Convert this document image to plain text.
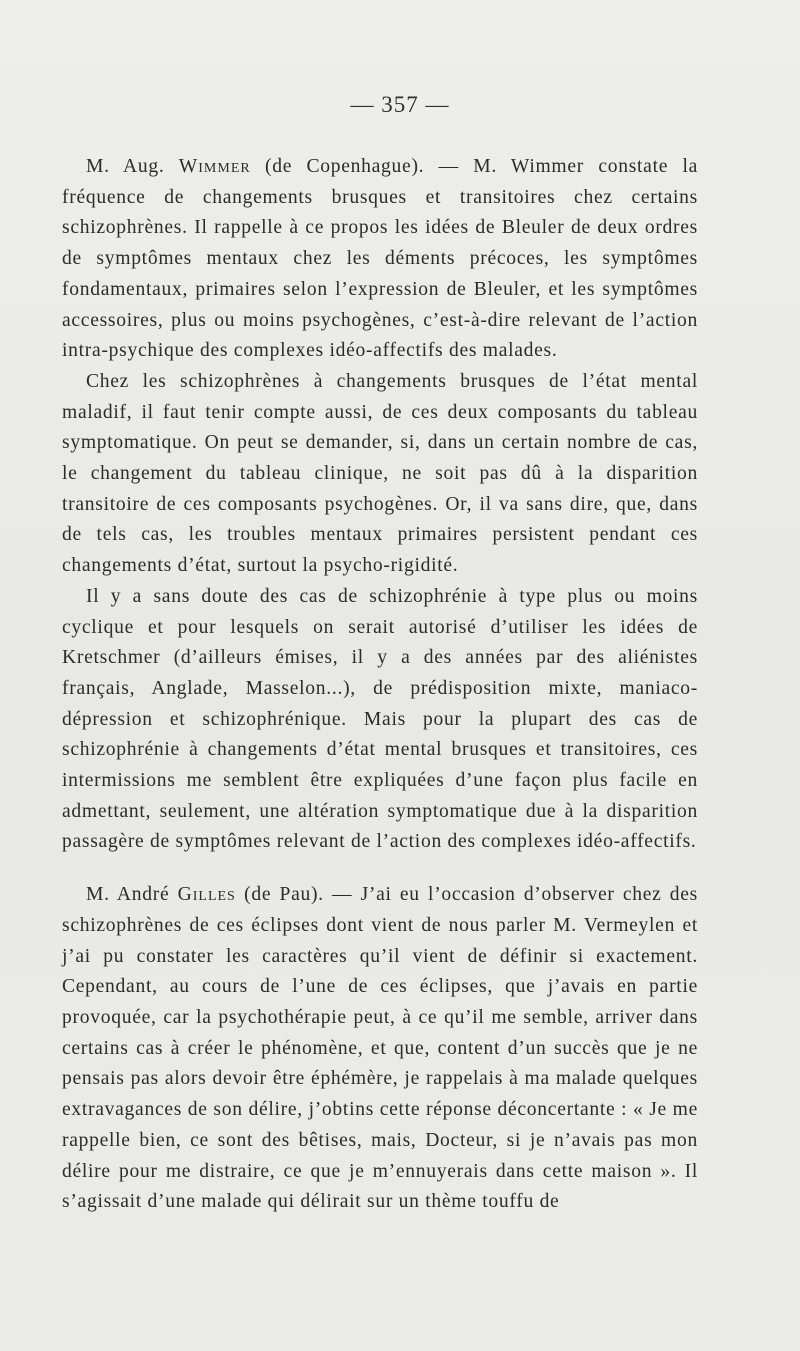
— 357 —

M. Aug. Wimmer (de Copenhague). — M. Wimmer constate la fréquence de changements brusques et transitoires chez certains schizophrènes. Il rappelle à ce propos les idées de Bleuler de deux ordres de symptômes mentaux chez les déments précoces, les symptômes fondamentaux, primaires selon l’expression de Bleuler, et les symptômes accessoires, plus ou moins psychogènes, c’est-à-dire relevant de l’action intra-psychique des complexes idéo-affectifs des malades.

Chez les schizophrènes à changements brusques de l’état mental maladif, il faut tenir compte aussi, de ces deux composants du tableau symptomatique. On peut se demander, si, dans un certain nombre de cas, le changement du tableau clinique, ne soit pas dû à la disparition transitoire de ces composants psychogènes. Or, il va sans dire, que, dans de tels cas, les troubles mentaux primaires persistent pendant ces changements d’état, surtout la psycho-rigidité.

Il y a sans doute des cas de schizophrénie à type plus ou moins cyclique et pour lesquels on serait autorisé d’utiliser les idées de Kretschmer (d’ailleurs émises, il y a des années par des aliénistes français, Anglade, Masselon...), de prédisposition mixte, maniaco-dépression et schizophrénique. Mais pour la plupart des cas de schizophrénie à changements d’état mental brusques et transitoires, ces intermissions me semblent être expliquées d’une façon plus facile en admettant, seulement, une altération symptomatique due à la disparition passagère de symptômes relevant de l’action des complexes idéo-affectifs.

M. André Gilles (de Pau). — J’ai eu l’occasion d’observer chez des schizophrènes de ces éclipses dont vient de nous parler M. Vermeylen et j’ai pu constater les caractères qu’il vient de définir si exactement. Cependant, au cours de l’une de ces éclipses, que j’avais en partie provoquée, car la psychothérapie peut, à ce qu’il me semble, arriver dans certains cas à créer le phénomène, et que, content d’un succès que je ne pensais pas alors devoir être éphémère, je rappelais à ma malade quelques extravagances de son délire, j’obtins cette réponse déconcertante : « Je me rappelle bien, ce sont des bêtises, mais, Docteur, si je n’avais pas mon délire pour me distraire, ce que je m’ennuyerais dans cette maison ». Il s’agissait d’une malade qui délirait sur un thème touffu de
